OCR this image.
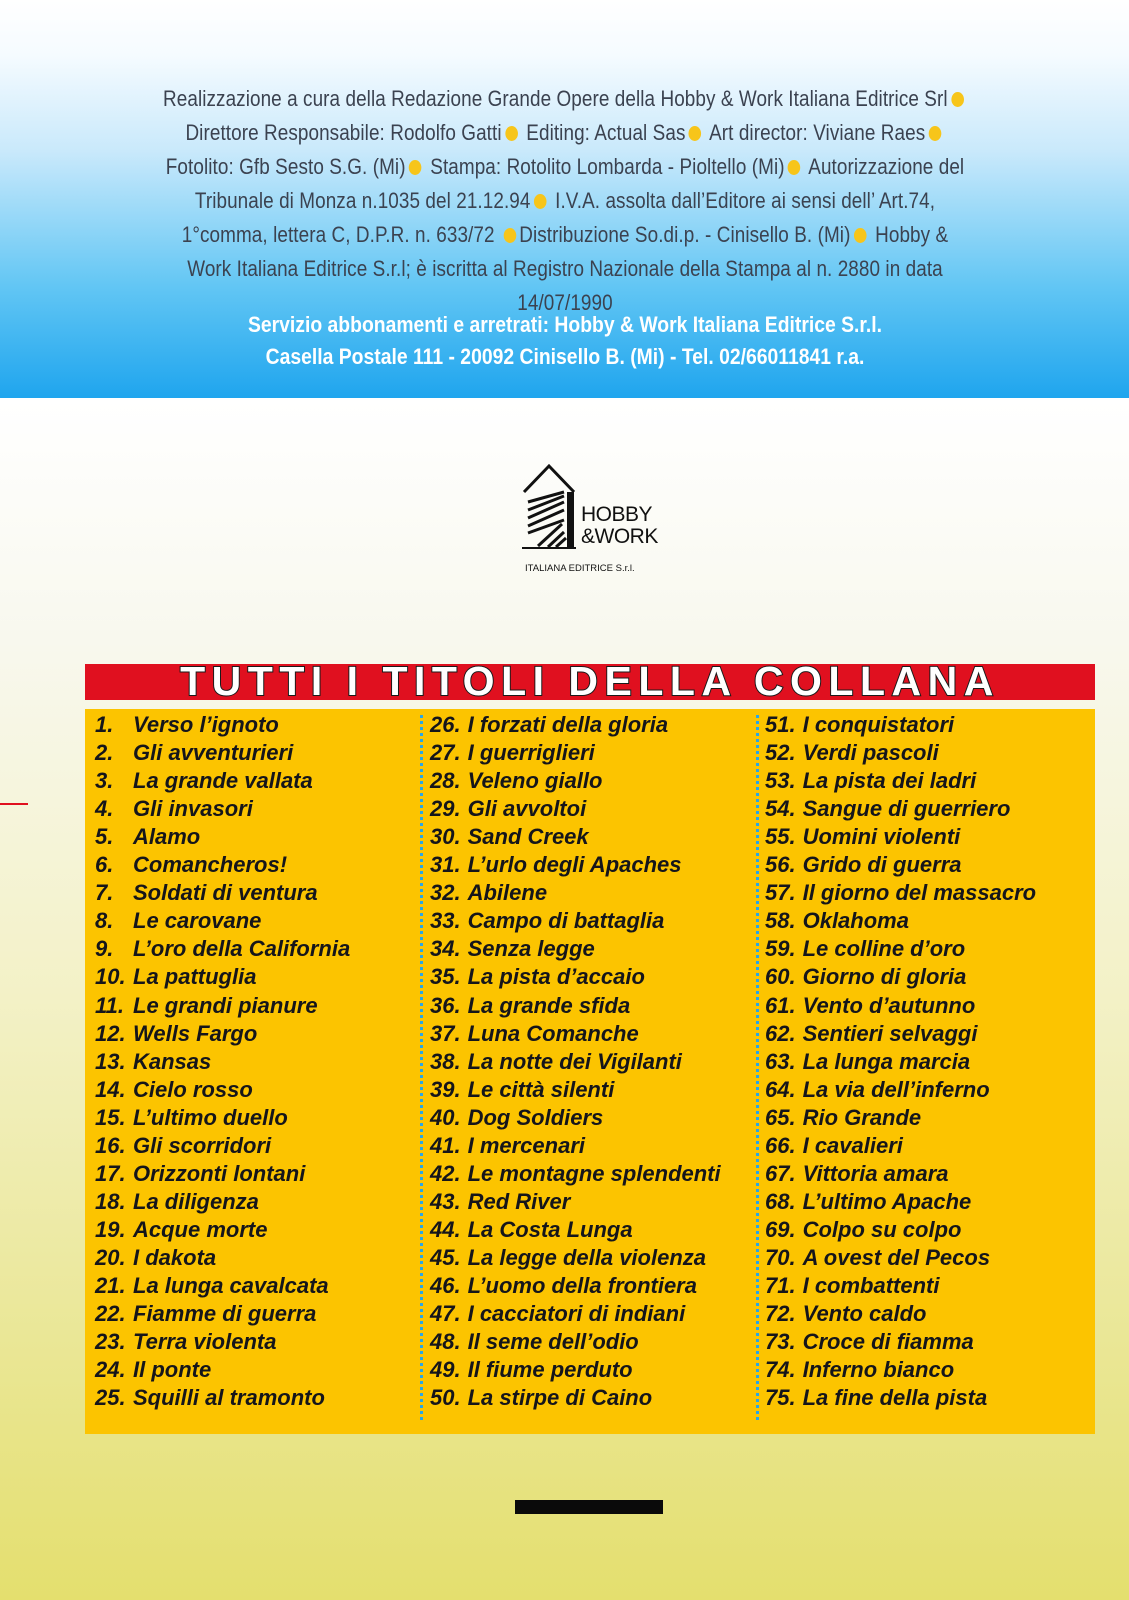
Realizzazione a cura della Redazione Grande Opere della Hobby & Work Italiana Editrice Srl Direttore Responsabile: Rodolfo Gatti Editing: Actual Sas Art director: Viviane Raes Fotolito: Gfb Sesto S.G. (Mi) Stampa: Rotolito Lombarda - Pioltello (Mi) Autorizzazione del Tribunale di Monza n.1035 del 21.12.94 I.V.A. assolta dall’Editore ai sensi dell’ Art.74, 1°comma, lettera C, D.P.R. n. 633/72 Distribuzione So.di.p. - Cinisello B. (Mi) Hobby & Work Italiana Editrice S.r.l; è iscritta al Registro Nazionale della Stampa al n. 2880 in data 14/07/1990
Servizio abbonamenti e arretrati: Hobby & Work Italiana Editrice S.r.l.
Casella Postale 111 - 20092 Cinisello B. (Mi) - Tel. 02/66011841 r.a.
HOBBY
&WORK
ITALIANA EDITRICE S.r.l.
TUTTI I TITOLI DELLA COLLANA
1. Verso l’ignoto
2. Gli avventurieri
3. La grande vallata
4. Gli invasori
5. Alamo
6. Comancheros!
7. Soldati di ventura
8. Le carovane
9. L’oro della California
10. La pattuglia
11. Le grandi pianure
12. Wells Fargo
13. Kansas
14. Cielo rosso
15. L’ultimo duello
16. Gli scorridori
17. Orizzonti lontani
18. La diligenza
19. Acque morte
20. I dakota
21. La lunga cavalcata
22. Fiamme di guerra
23. Terra violenta
24. Il ponte
25. Squilli al tramonto
26. I forzati della gloria
27. I guerriglieri
28. Veleno giallo
29. Gli avvoltoi
30. Sand Creek
31. L’urlo degli Apaches
32. Abilene
33. Campo di battaglia
34. Senza legge
35. La pista d’accaio
36. La grande sfida
37. Luna Comanche
38. La notte dei Vigilanti
39. Le città silenti
40. Dog Soldiers
41. I mercenari
42. Le montagne splendenti
43. Red River
44. La Costa Lunga
45. La legge della violenza
46. L’uomo della frontiera
47. I cacciatori di indiani
48. Il seme dell’odio
49. Il fiume perduto
50. La stirpe di Caino
51. I conquistatori
52. Verdi pascoli
53. La pista dei ladri
54. Sangue di guerriero
55. Uomini violenti
56. Grido di guerra
57. Il giorno del massacro
58. Oklahoma
59. Le colline d’oro
60. Giorno di gloria
61. Vento d’autunno
62. Sentieri selvaggi
63. La lunga marcia
64. La via dell’inferno
65. Rio Grande
66. I cavalieri
67. Vittoria amara
68. L’ultimo Apache
69. Colpo su colpo
70. A ovest del Pecos
71. I combattenti
72. Vento caldo
73. Croce di fiamma
74. Inferno bianco
75. La fine della pista
